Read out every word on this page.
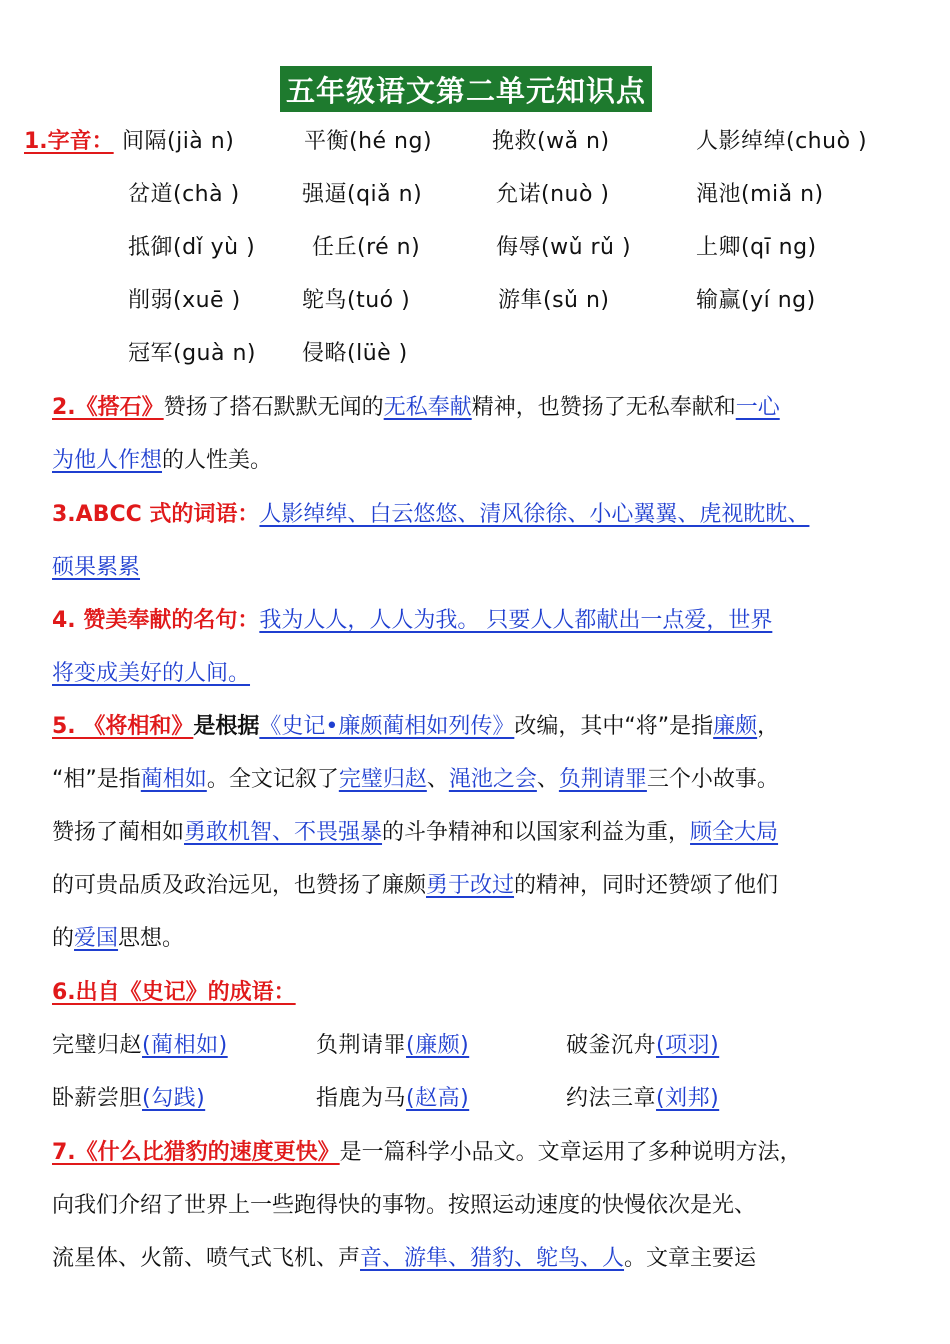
五年级语文第二单元知识点
1.字音： 间隔(jià n)	平衡(hé ng)	挽救(wǎ n)	人影绰绰(chuò )
岔道(chà )	强逼(qiǎ n)	允诺(nuò )	渑池(miǎ n)
抵御(dǐ yù )	任丘(ré n)	侮辱(wǔ rǔ )	上卿(qī ng)
削弱(xuē )	鸵鸟(tuó )	游隼(sǔ n)	输赢(yí ng)
冠军(guà n) 侵略(lüè )
2.《搭石》赞扬了搭石默默无闻的无私奉献精神，也赞扬了无私奉献和一心
为他人作想的人性美。
3.ABCC 式的词语：人影绰绰、白云悠悠、清风徐徐、小心翼翼、虎视眈眈、
硕果累累
4. 赞美奉献的名句：我为人人，人人为我。 只要人人都献出一点爱，世界
将变成美好的人间。
5. 《将相和》是根据《史记•廉颇蔺相如列传》改编，其中“将”是指廉颇，
“相”是指蔺相如。全文记叙了完璧归赵、渑池之会、负荆请罪三个小故事。
赞扬了蔺相如勇敢机智、不畏强暴的斗争精神和以国家利益为重，顾全大局
的可贵品质及政治远见，也赞扬了廉颇勇于改过的精神，同时还赞颂了他们
的爱国思想。
6.出自《史记》的成语：
完璧归赵(蔺相如)	负荆请罪(廉颇)	破釜沉舟(项羽)
卧薪尝胆(勾践)	指鹿为马(赵高)	约法三章(刘邦)
7.《什么比猎豹的速度更快》是一篇科学小品文。文章运用了多种说明方法，
向我们介绍了世界上一些跑得快的事物。按照运动速度的快慢依次是光、
流星体、火箭、喷气式飞机、声音、游隼、猎豹、鸵鸟、人。文章主要运
